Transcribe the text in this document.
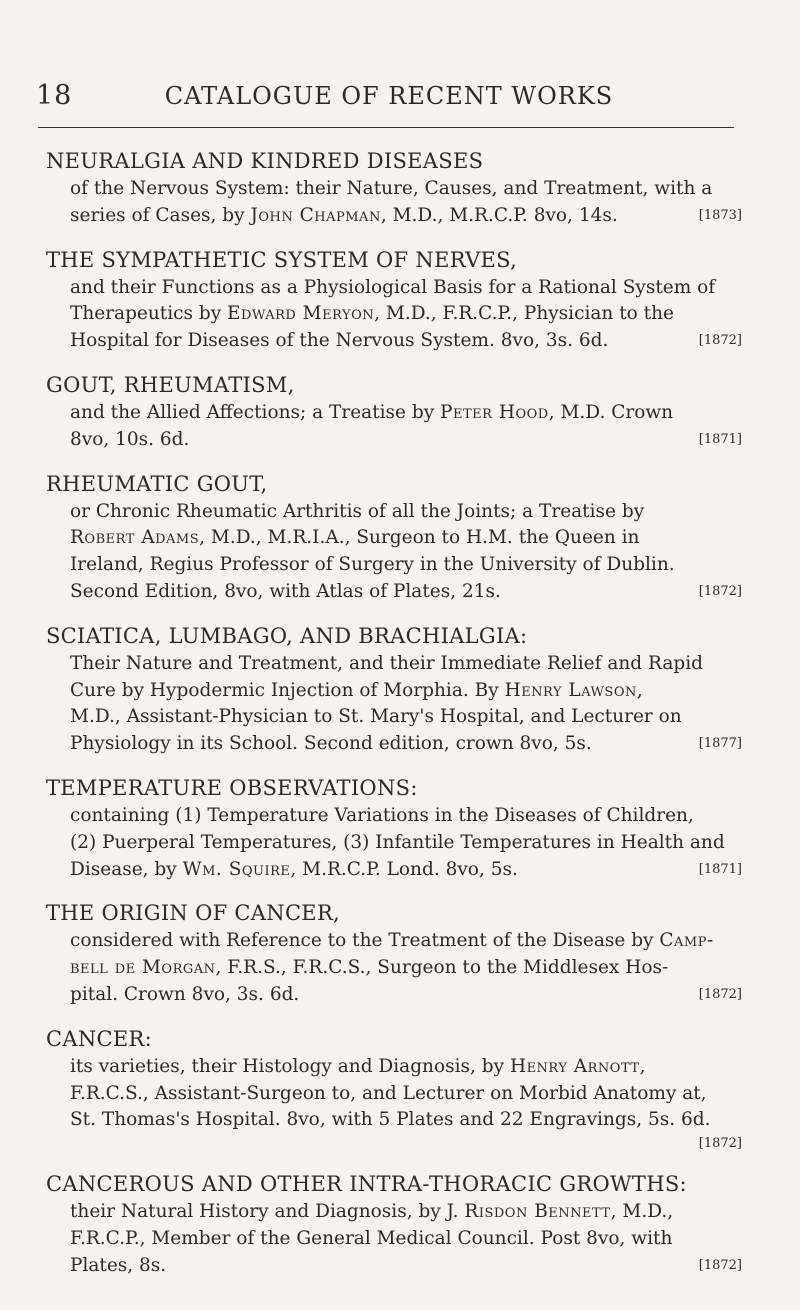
18	CATALOGUE OF RECENT WORKS
NEURALGIA AND KINDRED DISEASES
of the Nervous System: their Nature, Causes, and Treatment, with a
series of Cases, by John Chapman, M.D., M.R.C.P. 8vo, 14s.	[1873]
THE SYMPATHETIC SYSTEM OF NERVES,
and their Functions as a Physiological Basis for a Rational System of
Therapeutics by Edward Meryon, M.D., F.R.C.P., Physician to the
Hospital for Diseases of the Nervous System. 8vo, 3s. 6d.	[1872]
GOUT, RHEUMATISM,
and the Allied Affections; a Treatise by Peter Hood, M.D. Crown
8vo, 10s. 6d.	[1871]
RHEUMATIC GOUT,
or Chronic Rheumatic Arthritis of all the Joints; a Treatise by
Robert Adams, M.D., M.R.I.A., Surgeon to H.M. the Queen in
Ireland, Regius Professor of Surgery in the University of Dublin.
Second Edition, 8vo, with Atlas of Plates, 21s.	[1872]
SCIATICA, LUMBAGO, AND BRACHIALGIA:
Their Nature and Treatment, and their Immediate Relief and Rapid
Cure by Hypodermic Injection of Morphia. By Henry Lawson,
M.D., Assistant-Physician to St. Mary's Hospital, and Lecturer on
Physiology in its School. Second edition, crown 8vo, 5s.	[1877]
TEMPERATURE OBSERVATIONS:
containing (1) Temperature Variations in the Diseases of Children,
(2) Puerperal Temperatures, (3) Infantile Temperatures in Health and
Disease, by Wm. Squire, M.R.C.P. Lond. 8vo, 5s.	[1871]
THE ORIGIN OF CANCER,
considered with Reference to the Treatment of the Disease by Camp-
bell de Morgan, F.R.S., F.R.C.S., Surgeon to the Middlesex Hos-
pital. Crown 8vo, 3s. 6d.	[1872]
CANCER:
its varieties, their Histology and Diagnosis, by Henry Arnott,
F.R.C.S., Assistant-Surgeon to, and Lecturer on Morbid Anatomy at,
St. Thomas's Hospital. 8vo, with 5 Plates and 22 Engravings, 5s. 6d.
[1872]
CANCEROUS AND OTHER INTRA-THORACIC GROWTHS:
their Natural History and Diagnosis, by J. Risdon Bennett, M.D.,
F.R.C.P., Member of the General Medical Council. Post 8vo, with
Plates, 8s.	[1872]
